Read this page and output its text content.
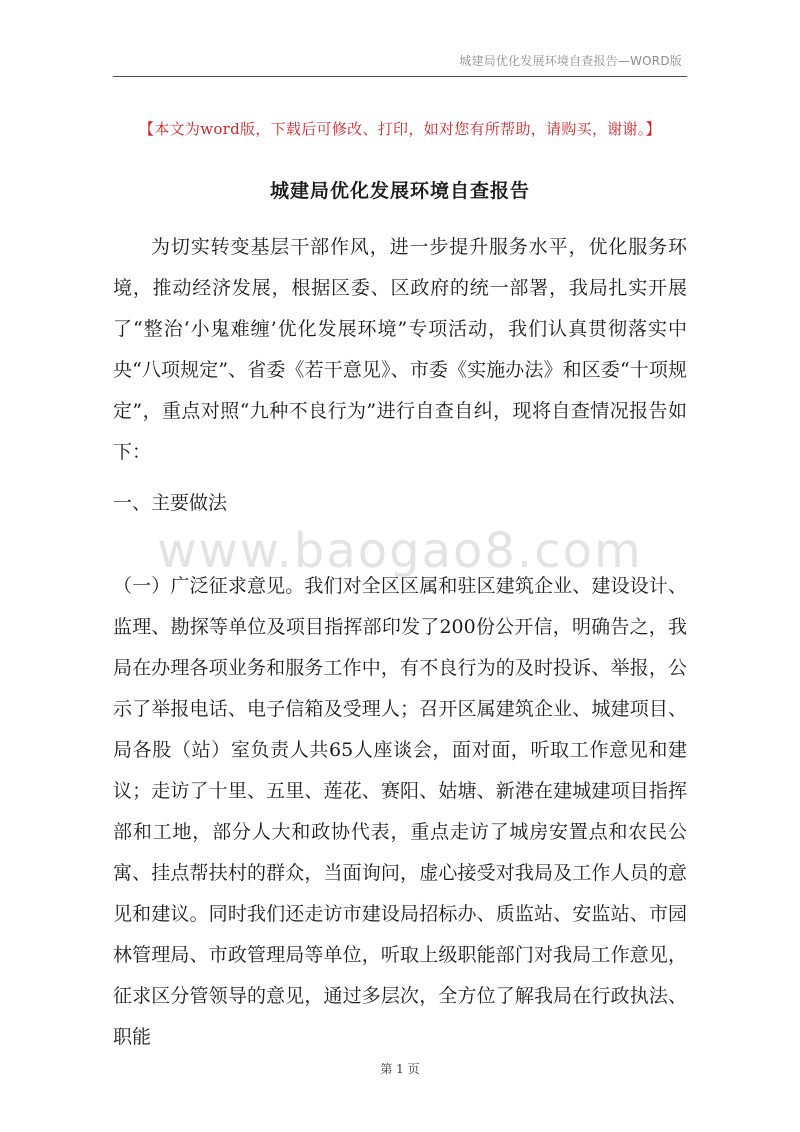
城建局优化发展环境自查报告—WORD版
【本文为word版，下载后可修改、打印，如对您有所帮助，请购买，谢谢。】
城建局优化发展环境自查报告
为切实转变基层干部作风，进一步提升服务水平，优化服务环境，推动经济发展，根据区委、区政府的统一部署，我局扎实开展了“整治‘小鬼难缠’优化发展环境”专项活动，我们认真贯彻落实中央“八项规定”、省委《若干意见》、市委《实施办法》和区委“十项规定”，重点对照“九种不良行为”进行自查自纠，现将自查情况报告如下：
一、主要做法
www.baogao8.com
（一）广泛征求意见。我们对全区区属和驻区建筑企业、建设设计、监理、勘探等单位及项目指挥部印发了200份公开信，明确告之，我局在办理各项业务和服务工作中，有不良行为的及时投诉、举报，公示了举报电话、电子信箱及受理人；召开区属建筑企业、城建项目、局各股（站）室负责人共65人座谈会，面对面，听取工作意见和建议；走访了十里、五里、莲花、赛阳、姑塘、新港在建城建项目指挥部和工地，部分人大和政协代表，重点走访了城房安置点和农民公寓、挂点帮扶村的群众，当面询问，虚心接受对我局及工作人员的意见和建议。同时我们还走访市建设局招标办、质监站、安监站、市园林管理局、市政管理局等单位，听取上级职能部门对我局工作意见，征求区分管领导的意见，通过多层次，全方位了解我局在行政执法、职能
第 1 页
